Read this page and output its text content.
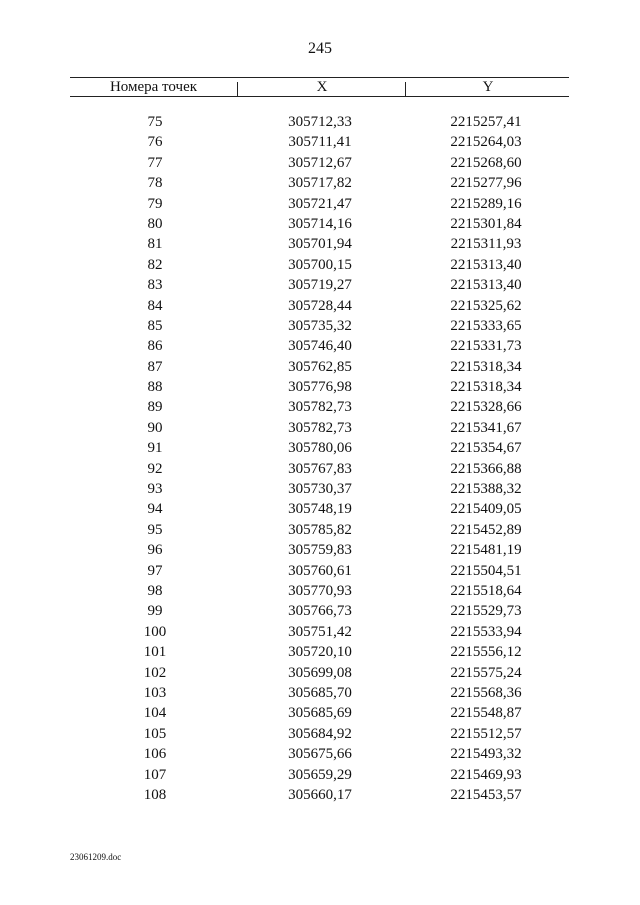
245
Номера точек	X	Y
75	305712,33	2215257,41
76	305711,41	2215264,03
77	305712,67	2215268,60
78	305717,82	2215277,96
79	305721,47	2215289,16
80	305714,16	2215301,84
81	305701,94	2215311,93
82	305700,15	2215313,40
83	305719,27	2215313,40
84	305728,44	2215325,62
85	305735,32	2215333,65
86	305746,40	2215331,73
87	305762,85	2215318,34
88	305776,98	2215318,34
89	305782,73	2215328,66
90	305782,73	2215341,67
91	305780,06	2215354,67
92	305767,83	2215366,88
93	305730,37	2215388,32
94	305748,19	2215409,05
95	305785,82	2215452,89
96	305759,83	2215481,19
97	305760,61	2215504,51
98	305770,93	2215518,64
99	305766,73	2215529,73
100	305751,42	2215533,94
101	305720,10	2215556,12
102	305699,08	2215575,24
103	305685,70	2215568,36
104	305685,69	2215548,87
105	305684,92	2215512,57
106	305675,66	2215493,32
107	305659,29	2215469,93
108	305660,17	2215453,57
23061209.doc
